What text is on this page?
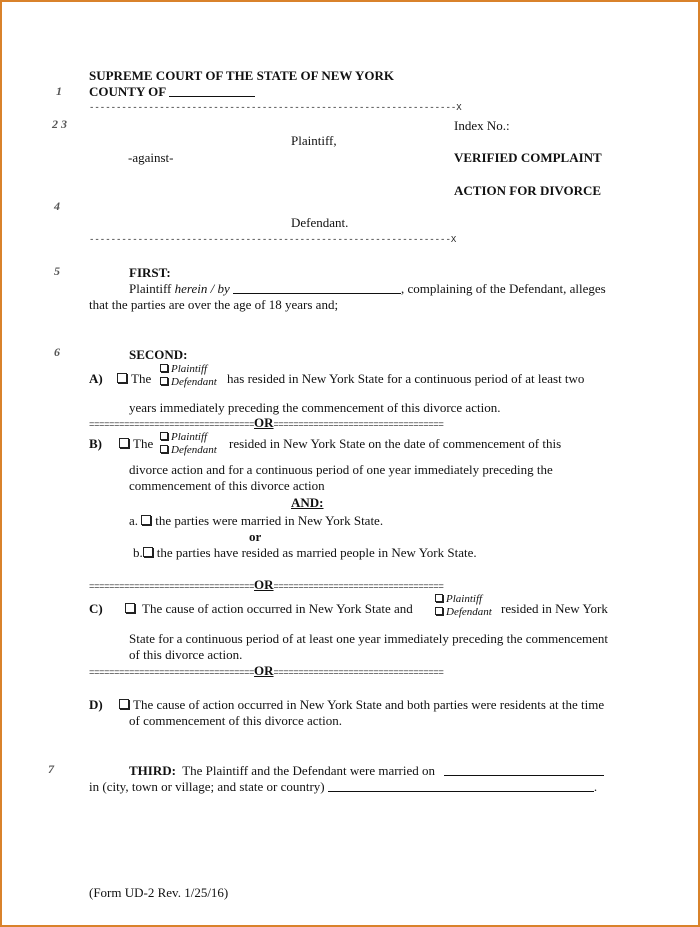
SUPREME COURT OF THE STATE OF NEW YORK
1 COUNTY OF
--------------------------------------------------------------------X
2 3	Index No.:
Plaintiff,
-against-	VERIFIED COMPLAINT
ACTION FOR DIVORCE
4
Defendant.
-------------------------------------------------------------------X
5	FIRST:
Plaintiff herein / by	, complaining of the Defendant, alleges
that the parties are over the age of 18 years and;
6	SECOND:
A)	The
Plaintiff
Defendant has resided in New York State for a continuous period of at least two
years immediately preceding the commencement of this divorce action.
=================================OR==================================
B)	The	Plaintiff
Defendant resided in New York State on the date of commencement of this
divorce action and for a continuous period of one year immediately preceding the
commencement of this divorce action
AND:
a. the parties were married in New York State.
or
b. the parties have resided as married people in New York State.
=================================OR==================================
C)	The cause of action occurred in New York State and
Plaintiff
Defendant resided in New York
State for a continuous period of at least one year immediately preceding the commencement
of this divorce action.
=================================OR==================================
D)	The cause of action occurred in New York State and both parties were residents at the time
of commencement of this divorce action.
7	THIRD: The Plaintiff and the Defendant were married on
in (city, town or village; and state or country)	.
(Form UD-2 Rev. 1/25/16)
